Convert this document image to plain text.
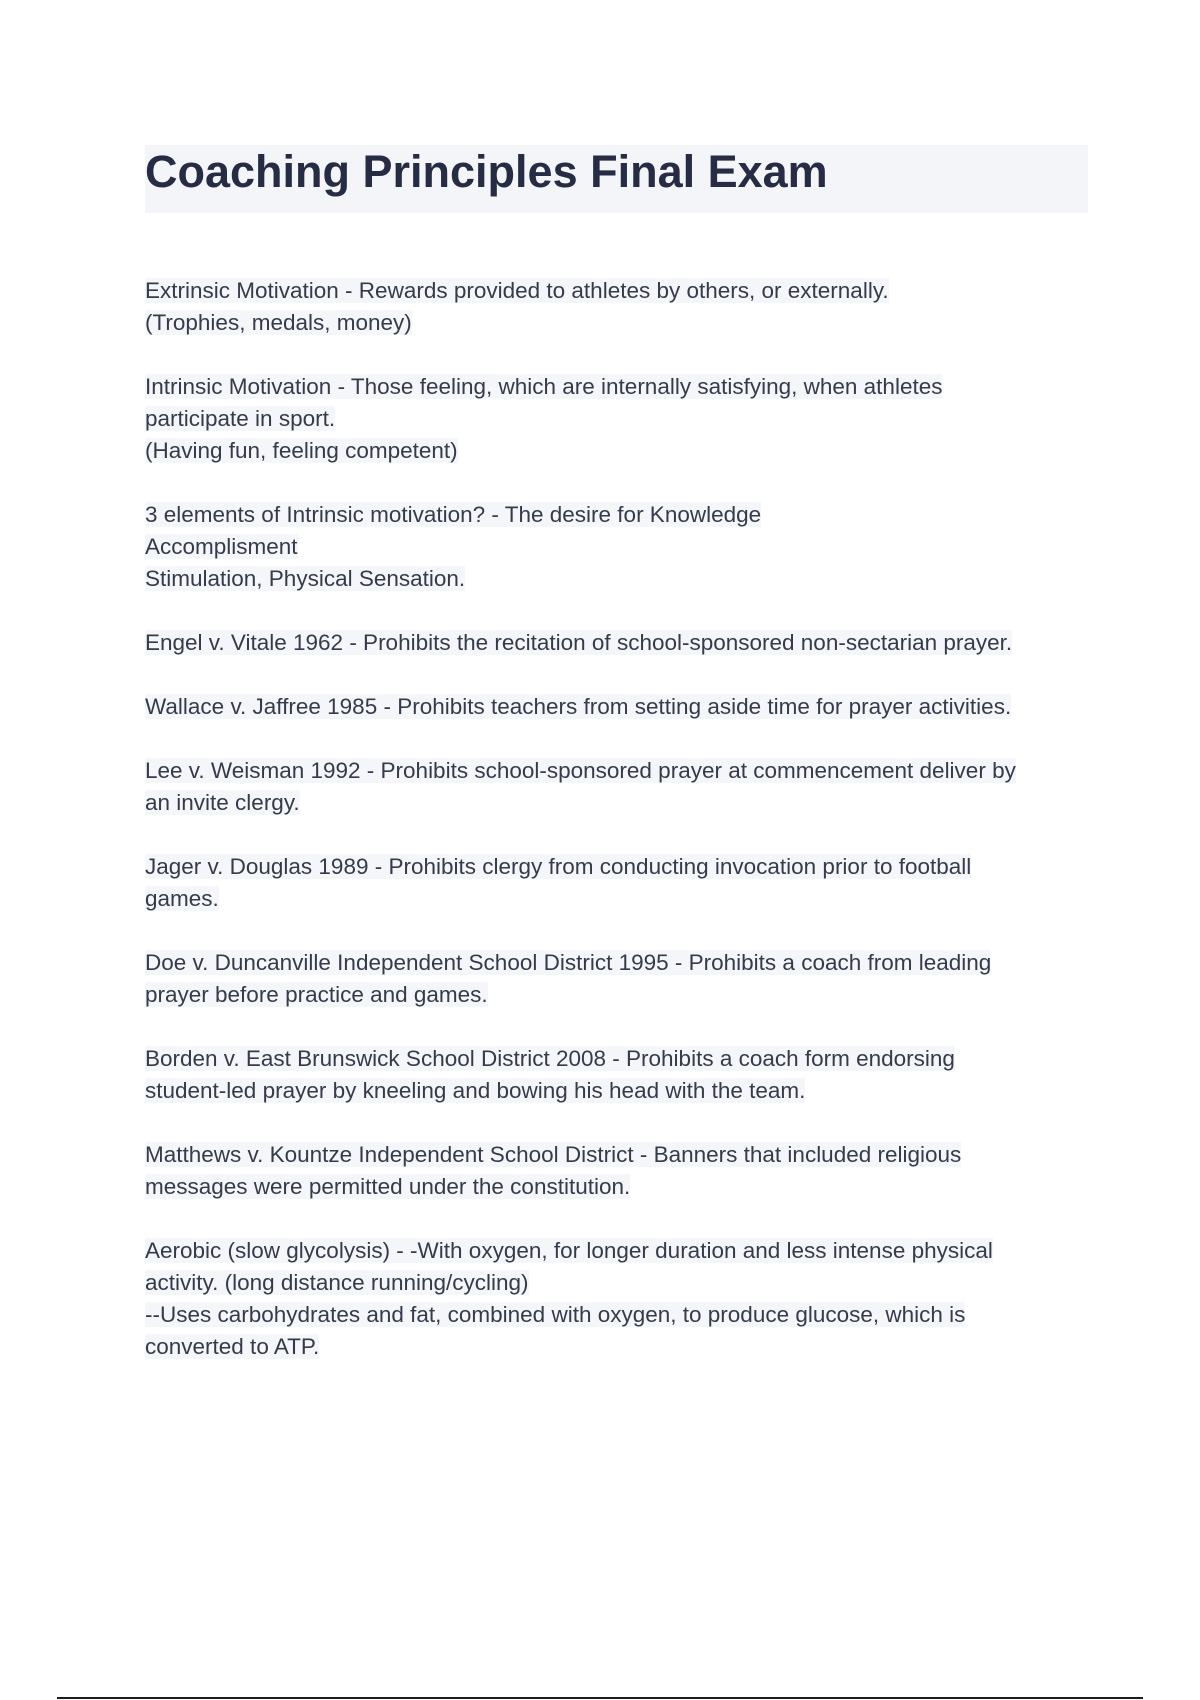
Coaching Principles Final Exam
Extrinsic Motivation - Rewards provided to athletes by others, or externally.
(Trophies, medals, money)
Intrinsic Motivation - Those feeling, which are internally satisfying, when athletes
participate in sport.
(Having fun, feeling competent)
3 elements of Intrinsic motivation? - The desire for Knowledge
Accomplisment
Stimulation, Physical Sensation.
Engel v. Vitale 1962 - Prohibits the recitation of school-sponsored non-sectarian prayer.
Wallace v. Jaffree 1985 - Prohibits teachers from setting aside time for prayer activities.
Lee v. Weisman 1992 - Prohibits school-sponsored prayer at commencement deliver by
an invite clergy.
Jager v. Douglas 1989 - Prohibits clergy from conducting invocation prior to football
games.
Doe v. Duncanville Independent School District 1995 - Prohibits a coach from leading
prayer before practice and games.
Borden v. East Brunswick School District 2008 - Prohibits a coach form endorsing
student-led prayer by kneeling and bowing his head with the team.
Matthews v. Kountze Independent School District - Banners that included religious
messages were permitted under the constitution.
Aerobic (slow glycolysis) - -With oxygen, for longer duration and less intense physical
activity. (long distance running/cycling)
--Uses carbohydrates and fat, combined with oxygen, to produce glucose, which is
converted to ATP.
